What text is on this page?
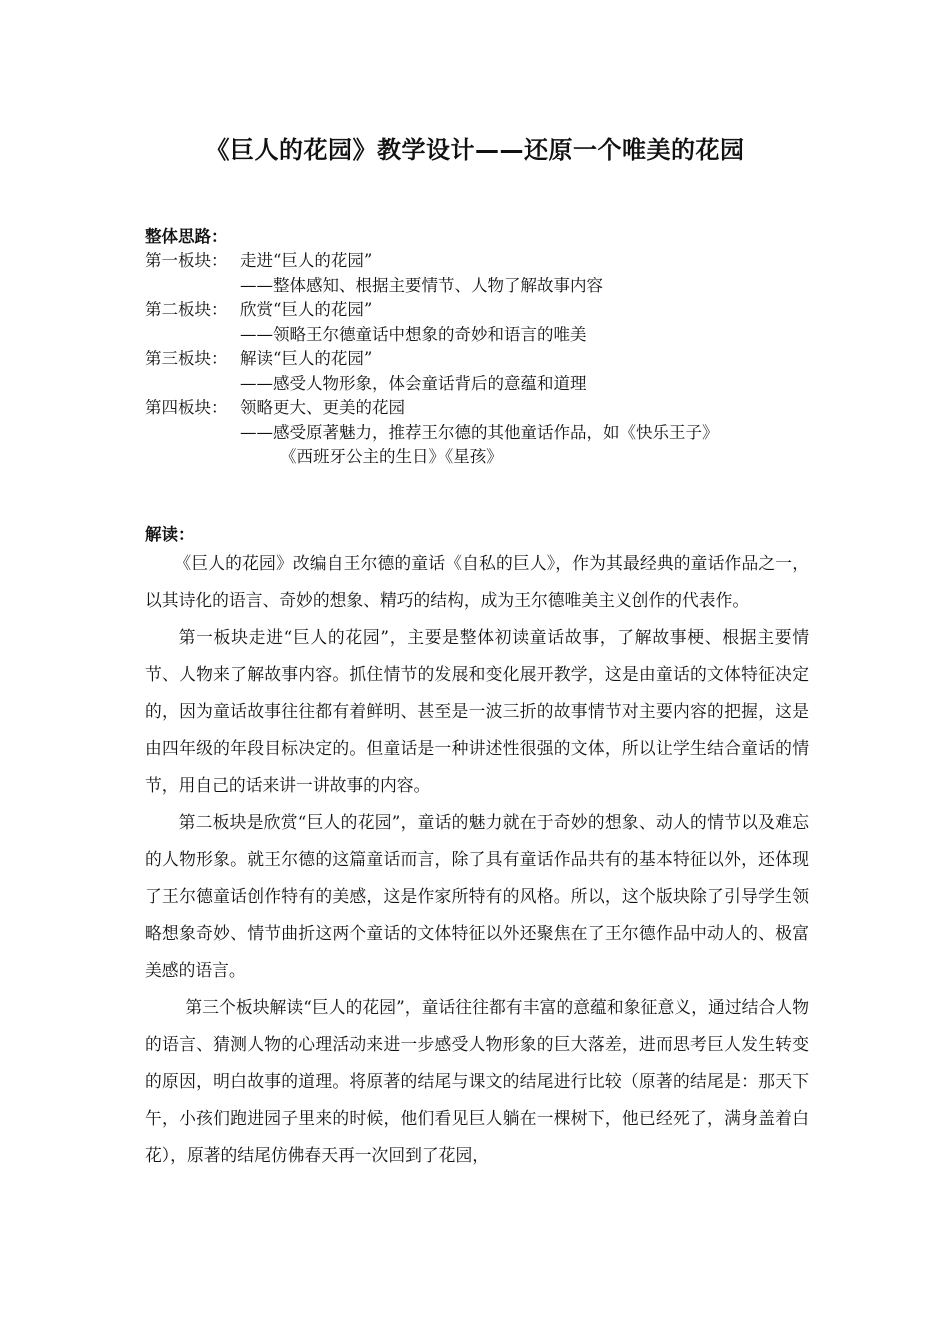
《巨人的花园》教学设计——还原一个唯美的花园
整体思路：
第一板块： 走进“巨人的花园”
——整体感知、根据主要情节、人物了解故事内容
第二板块： 欣赏“巨人的花园”
——领略王尔德童话中想象的奇妙和语言的唯美
第三板块： 解读“巨人的花园”
——感受人物形象，体会童话背后的意蕴和道理
第四板块： 领略更大、更美的花园
——感受原著魅力，推荐王尔德的其他童话作品，如《快乐王子》
《西班牙公主的生日》《星孩》
解读：

《巨人的花园》改编自王尔德的童话《自私的巨人》，作为其最经典的童话作品之一，以其诗化的语言、奇妙的想象、精巧的结构，成为王尔德唯美主义创作的代表作。

第一板块走进“巨人的花园”，主要是整体初读童话故事，了解故事梗、根据主要情节、人物来了解故事内容。抓住情节的发展和变化展开教学，这是由童话的文体特征决定的，因为童话故事往往都有着鲜明、甚至是一波三折的故事情节对主要内容的把握，这是由四年级的年段目标决定的。但童话是一种讲述性很强的文体，所以让学生结合童话的情节，用自己的话来讲一讲故事的内容。

第二板块是欣赏“巨人的花园”，童话的魅力就在于奇妙的想象、动人的情节以及难忘的人物形象。就王尔德的这篇童话而言，除了具有童话作品共有的基本特征以外，还体现了王尔德童话创作特有的美感，这是作家所特有的风格。所以，这个版块除了引导学生领略想象奇妙、情节曲折这两个童话的文体特征以外还聚焦在了王尔德作品中动人的、极富美感的语言。

第三个板块解读“巨人的花园”，童话往往都有丰富的意蕴和象征意义，通过结合人物的语言、猜测人物的心理活动来进一步感受人物形象的巨大落差，进而思考巨人发生转变的原因，明白故事的道理。将原著的结尾与课文的结尾进行比较（原著的结尾是：那天下午，小孩们跑进园子里来的时候，他们看见巨人躺在一棵树下，他已经死了，满身盖着白花），原著的结尾仿佛春天再一次回到了花园，
